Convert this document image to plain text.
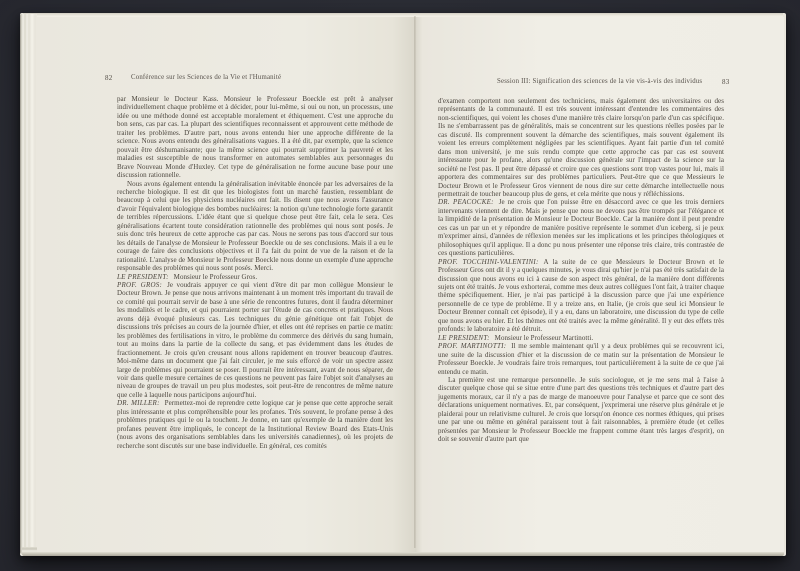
82	Conférence sur les Sciences de la Vie et l'Humanité

par Monsieur le Docteur Kass. Monsieur le Professeur Boeckle est prêt à analyser individuellement chaque problème et à décider, pour lui-même, si oui ou non, un processus, une idée ou une méthode donné est acceptable moralement et éthiquement. C'est une approche du bon sens, cas par cas. La plupart des scientifiques reconnaissent et approuvent cette méthode de traiter les problèmes. D'autre part, nous avons entendu hier une approche différente de la science. Nous avons entendu des généralisations vagues. Il a été dit, par exemple, que la science pouvait être déshumanisante; que la même science qui pourrait supprimer la pauvreté et les maladies est susceptible de nous transformer en automates semblables aux personnages du Brave Nouveau Monde d'Huxley. Cet type de généralisation ne forme aucune base pour une discussion rationnelle.

Nous avons également entendu la généralisation inévitable énoncée par les adversaires de la recherche biologique. Il est dit que les biologistes font un marché faustien, ressemblant de beaucoup à celui que les physiciens nucléaires ont fait. Ils disent que nous avons l'assurance d'avoir l'équivalent biologique des bombes nucléaires: la notion qu'une technologie forte garantit de terribles répercussions. L'idée étant que si quelque chose peut être fait, cela le sera. Ces généralisations écartent toute considération rationnelle des problèmes qui nous sont posés. Je suis donc très heureux de cette approche cas par cas. Nous ne serons pas tous d'accord sur tous les détails de l'analyse de Monsieur le Professeur Boeckle ou de ses conclusions. Mais il a eu le courage de faire des conclusions objectives et il l'a fait du point de vue de la raison et de la rationalité. L'analyse de Monsieur le Professeur Boeckle nous donne un exemple d'une approche responsable des problèmes qui nous sont posés. Merci.

LE PRESIDENT: Monsieur le Professeur Gros.

PROF. GROS: Je voudrais appuyer ce qui vient d'être dit par mon collègue Monsieur le Docteur Brown. Je pense que nous arrivons maintenant à un moment très important du travail de ce comité qui pourrait servir de base à une série de rencontres futures, dont il faudra déterminer les modalités et le cadre, et qui pourraient porter sur l'étude de cas concrets et pratiques. Nous avons déjà évoqué plusieurs cas. Les techniques du génie génétique ont fait l'objet de discussions très précises au cours de la journée d'hier, et elles ont été reprises en partie ce matin: les problèmes des fertilisations in vitro, le problème du commerce des dérivés du sang humain, tout au moins dans la partie de la collecte du sang, et pas évidemment dans les études de fractionnement. Je crois qu'en creusant nous allons rapidement en trouver beaucoup d'autres. Moi-même dans un document que j'ai fait circuler, je me suis efforcé de voir un spectre assez large de problèmes qui pourraient se poser. Il pourrait être intéressant, avant de nous séparer, de voir dans quelle mesure certaines de ces questions ne peuvent pas faire l'objet soit d'analyses au niveau de groupes de travail un peu plus modestes, soit peut-être de rencontres de même nature que celle à laquelle nous participons aujourd'hui.

DR. MILLER: Permettez-moi de reprendre cette logique car je pense que cette approche serait plus intéressante et plus compréhensible pour les profanes. Très souvent, le profane pense à des problèmes pratiques qui le ou la touchent. Je donne, en tant qu'exemple de la manière dont les profanes peuvent être impliqués, le concept de la Institutional Review Board des Etats-Unis (nous avons des organisations semblables dans les universités canadiennes), où les projets de recherche sont discutés sur une base individuelle. En général, ces comités

Session III: Signification des sciences de la vie vis-à-vis des individus	83

d'examen comportent non seulement des techniciens, mais également des universitaires ou des représentants de la communauté. Il est très souvent intéressant d'entendre les commentaires des non-scientifiques, qui voient les choses d'une manière très claire lorsqu'on parle d'un cas spécifique. Ils ne s'embarrassent pas de généralités, mais se concentrent sur les questions réelles posées par le cas discuté. Ils comprennent souvent la démarche des scientifiques, mais souvent également ils voient les erreurs complètement négligées par les scientifiques. Ayant fait partie d'un tel comité dans mon université, je me suis rendu compte que cette approche cas par cas est souvent intéressante pour le profane, alors qu'une discussion générale sur l'impact de la science sur la société ne l'est pas. Il peut être dépassé et croire que ces questions sont trop vastes pour lui, mais il apportera des commentaires sur des problèmes particuliers. Peut-être que ce que Messieurs le Docteur Brown et le Professeur Gros viennent de nous dire sur cette démarche intellectuelle nous permettrait de toucher beaucoup plus de gens, et cela mérite que nous y réfléchissions.

DR. PEACOCKE: Je ne crois que l'on puisse être en désaccord avec ce que les trois derniers intervenants viennent de dire. Mais je pense que nous ne devons pas être trompés par l'élégance et la limpidité de la présentation de Monsieur le Docteur Boeckle. Car la manière dont il peut prendre ces cas un par un et y répondre de manière positive représente le sommet d'un iceberg, si je peux m'exprimer ainsi, d'années de réflexion menées sur les implications et les principes théologiques et philosophiques qu'il applique. Il a donc pu nous présenter une réponse très claire, très contrastée de ces questions particulières.

PROF. TOCCHINI-VALENTINI: A la suite de ce que Messieurs le Docteur Brown et le Professeur Gros ont dit il y a quelques minutes, je vous dirai qu'hier je n'ai pas été très satisfait de la discussion que nous avons eu ici à cause de son aspect très général, de la manière dont différents sujets ont été traités. Je vous exhorterai, comme mes deux autres collègues l'ont fait, à traiter chaque thème spécifiquement. Hier, je n'ai pas participé à la discussion parce que j'ai une expérience personnelle de ce type de problème. Il y a treize ans, en Italie, (je crois que seul ici Monsieur le Docteur Brenner connaît cet épisode), il y a eu, dans un laboratoire, une discussion du type de celle que nous avons eu hier. Et les thèmes ont été traités avec la même généralité. Il y eut des effets très profonds: le laboratoire a été détruit.

LE PRESIDENT: Monsieur le Professeur Martinotti.

PROF. MARTINOTTI: Il me semble maintenant qu'il y a deux problèmes qui se recouvrent ici, une suite de la discussion d'hier et la discussion de ce matin sur la présentation de Monsieur le Professeur Boeckle. Je voudrais faire trois remarques, tout particulièrement à la suite de ce que j'ai entendu ce matin.

La première est une remarque personnelle. Je suis sociologue, et je me sens mal à l'aise à discuter quelque chose qui se situe entre d'une part des questions très techniques et d'autre part des jugements moraux, car il n'y a pas de marge de manoeuvre pour l'analyse et parce que ce sont des déclarations uniquement normatives. Et, par conséquent, j'exprimerai une réserve plus générale et je plaiderai pour un relativisme culturel. Je crois que lorsqu'on énonce ces normes éthiques, qui prises une par une ou même en général paraissent tout à fait raisonnables, à première étude (et celles présentées par Monsieur le Professeur Boeckle me frappent comme étant très larges d'esprit), on doit se souvenir d'autre part que
